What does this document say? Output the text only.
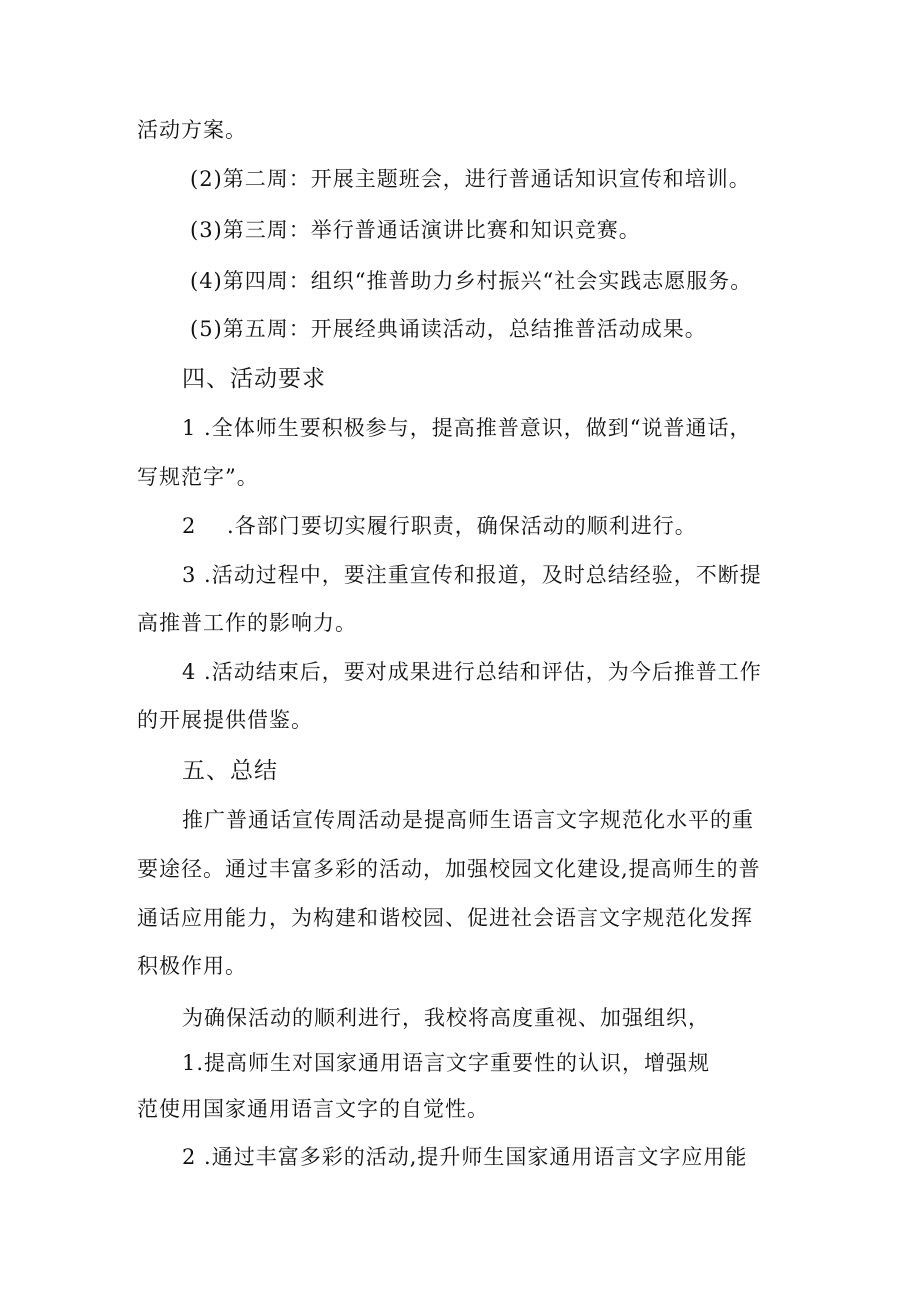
活动方案。
(2)第二周：开展主题班会，进行普通话知识宣传和培训。
(3)第三周：举行普通话演讲比赛和知识竞赛。
(4)第四周：组织“推普助力乡村振兴“社会实践志愿服务。
(5)第五周：开展经典诵读活动，总结推普活动成果。
四、活动要求
1 .全体师生要积极参与，提高推普意识，做到“说普通话，
写规范字”。
2    .各部门要切实履行职责，确保活动的顺利进行。
3 .活动过程中，要注重宣传和报道，及时总结经验，不断提
高推普工作的影响力。
4 .活动结束后，要对成果进行总结和评估，为今后推普工作
的开展提供借鉴。
五、总结
推广普通话宣传周活动是提高师生语言文字规范化水平的重
要途径。通过丰富多彩的活动，加强校园文化建设,提高师生的普
通话应用能力，为构建和谐校园、促进社会语言文字规范化发挥
积极作用。
为确保活动的顺利进行，我校将高度重视、加强组织，
1.提高师生对国家通用语言文字重要性的认识，增强规
范使用国家通用语言文字的自觉性。
2 .通过丰富多彩的活动,提升师生国家通用语言文字应用能
